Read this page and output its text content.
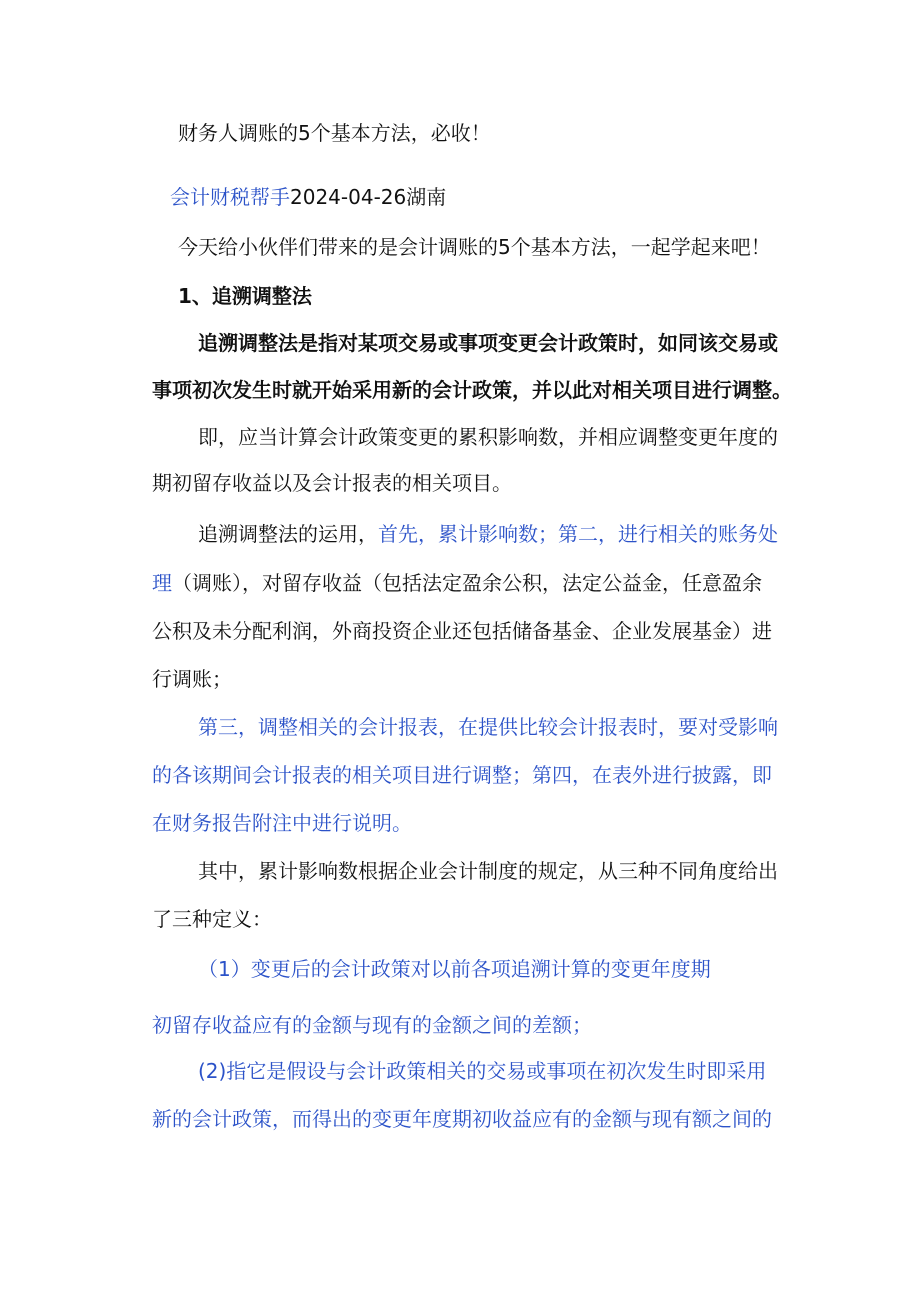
财务人调账的5个基本方法，必收！

会计财税帮手2024-04-26湖南

今天给小伙伴们带来的是会计调账的5个基本方法，一起学起来吧！

1、追溯调整法

追溯调整法是指对某项交易或事项变更会计政策时，如同该交易或

事项初次发生时就开始采用新的会计政策，并以此对相关项目进行调整。

即，应当计算会计政策变更的累积影响数，并相应调整变更年度的

期初留存收益以及会计报表的相关项目。

追溯调整法的运用，首先，累计影响数；第二，进行相关的账务处

理（调账），对留存收益（包括法定盈余公积，法定公益金，任意盈余

公积及未分配利润，外商投资企业还包括储备基金、企业发展基金）进

行调账；

第三，调整相关的会计报表，在提供比较会计报表时，要对受影响

的各该期间会计报表的相关项目进行调整；第四，在表外进行披露，即

在财务报告附注中进行说明。

其中，累计影响数根据企业会计制度的规定，从三种不同角度给出

了三种定义：

（1）变更后的会计政策对以前各项追溯计算的变更年度期

初留存收益应有的金额与现有的金额之间的差额；

(2)指它是假设与会计政策相关的交易或事项在初次发生时即采用

新的会计政策，而得出的变更年度期初收益应有的金额与现有额之间的
